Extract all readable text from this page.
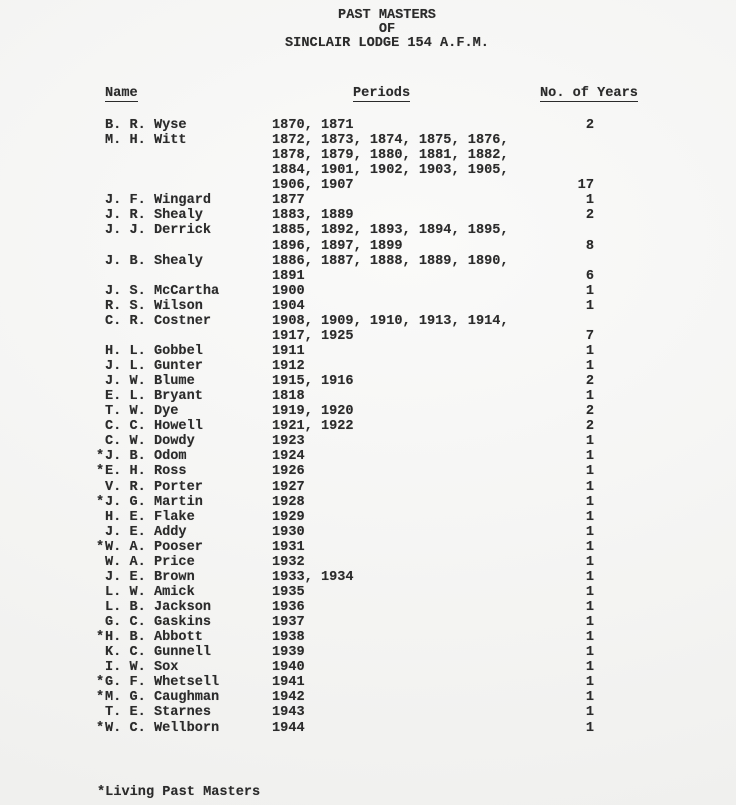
PAST MASTERS
OF
SINCLAIR LODGE 154 A.F.M.
Name	Periods	No. of Years
B. R. Wyse	1870, 1871	2
M. H. Witt	1872, 1873, 1874, 1875, 1876,
1878, 1879, 1880, 1881, 1882,
1884, 1901, 1902, 1903, 1905,
1906, 1907	17
J. F. Wingard	1877	1
J. R. Shealy	1883, 1889	2
J. J. Derrick	1885, 1892, 1893, 1894, 1895,
1896, 1897, 1899	8
J. B. Shealy	1886, 1887, 1888, 1889, 1890,
1891	6
J. S. McCartha	1900	1
R. S. Wilson	1904	1
C. R. Costner	1908, 1909, 1910, 1913, 1914,
1917, 1925	7
H. L. Gobbel	1911	1
J. L. Gunter	1912	1
J. W. Blume	1915, 1916	2
E. L. Bryant	1818	1
T. W. Dye	1919, 1920	2
C. C. Howell	1921, 1922	2
C. W. Dowdy	1923	1
* J. B. Odom	1924	1
* E. H. Ross	1926	1
V. R. Porter	1927	1
* J. G. Martin	1928	1
H. E. Flake	1929	1
J. E. Addy	1930	1
* W. A. Pooser	1931	1
W. A. Price	1932	1
J. E. Brown	1933, 1934	1
L. W. Amick	1935	1
L. B. Jackson	1936	1
G. C. Gaskins	1937	1
* H. B. Abbott	1938	1
K. C. Gunnell	1939	1
I. W. Sox	1940	1
* G. F. Whetsell	1941	1
* M. G. Caughman	1942	1
T. E. Starnes	1943	1
* W. C. Wellborn	1944	1
*Living Past Masters
